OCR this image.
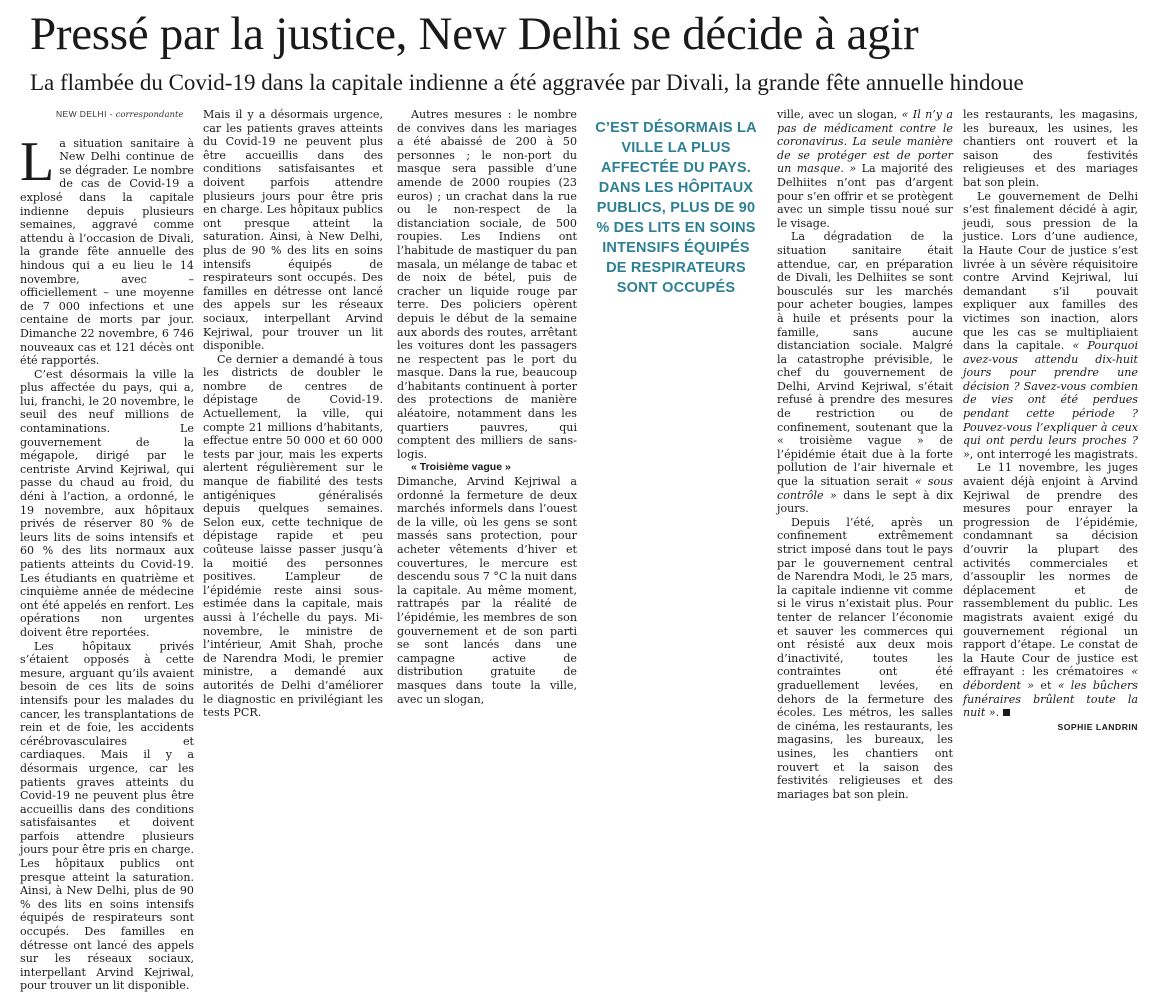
Pressé par la justice, New Delhi se décide à agir
La flambée du Covid-19 dans la capitale indienne a été aggravée par Divali, la grande fête annuelle hindoue
NEW DELHI - correspondante

La situation sanitaire à New Delhi continue de se dégrader. Le nombre de cas de Covid-19 a explosé dans la capitale indienne depuis plusieurs semaines, aggravé comme attendu à l’occasion de Divali, la grande fête annuelle des hindous qui a eu lieu le 14 novembre, avec – officiellement – une moyenne de 7 000 infections et une centaine de morts par jour. Dimanche 22 novembre, 6 746 nouveaux cas et 121 décès ont été rapportés.

C’est désormais la ville la plus affectée du pays, qui a, lui, franchi, le 20 novembre, le seuil des neuf millions de contaminations. Le gouvernement de la mégapole, dirigé par le centriste Arvind Kejriwal, qui passe du chaud au froid, du déni à l’action, a ordonné, le 19 novembre, aux hôpitaux privés de réserver 80 % de leurs lits de soins intensifs et 60 % des lits normaux aux patients atteints du Covid-19. Les étudiants en quatrième et cinquième année de médecine ont été appelés en renfort. Les opérations non urgentes doivent être reportées.

Les hôpitaux privés s’étaient opposés à cette mesure, arguant qu’ils avaient besoin de ces lits de soins intensifs pour les malades du cancer, les transplantations de rein et de foie, les accidents cérébrovasculaires et cardiaques. Mais il y a désormais urgence, car les patients graves atteints du Covid-19 ne peuvent plus être accueillis dans des conditions satisfaisantes et doivent parfois attendre plusieurs jours pour être pris en charge. Les hôpitaux publics ont presque atteint la saturation. Ainsi, à New Delhi, plus de 90 % des lits en soins intensifs équipés de respirateurs sont occupés. Des familles en détresse ont lancé des appels sur les réseaux sociaux, interpellant Arvind Kejriwal, pour trouver un lit disponible.

Mais il y a désormais urgence, car les patients graves atteints du Covid-19 ne peuvent plus être accueillis dans des conditions satisfaisantes et doivent parfois attendre plusieurs jours pour être pris en charge. Les hôpitaux publics ont presque atteint la saturation. Ainsi, à New Delhi, plus de 90 % des lits en soins intensifs équipés de respirateurs sont occupés. Des familles en détresse ont lancé des appels sur les réseaux sociaux, interpellant Arvind Kejriwal, pour trouver un lit disponible.

Ce dernier a demandé à tous les districts de doubler le nombre de centres de dépistage de Covid-19. Actuellement, la ville, qui compte 21 millions d’habitants, effectue entre 50 000 et 60 000 tests par jour, mais les experts alertent régulièrement sur le manque de fiabilité des tests antigéniques généralisés depuis quelques semaines. Selon eux, cette technique de dépistage rapide et peu coûteuse laisse passer jusqu’à la moitié des personnes positives. L’ampleur de l’épidémie reste ainsi sous-estimée dans la capitale, mais aussi à l’échelle du pays. Mi-novembre, le ministre de l’intérieur, Amit Shah, proche de Narendra Modi, le premier ministre, a demandé aux autorités de Delhi d’améliorer le diagnostic en privilégiant les tests PCR.

Autres mesures : le nombre de convives dans les mariages a été abaissé de 200 à 50 personnes ; le non-port du masque sera passible d’une amende de 2000 roupies (23 euros) ; un crachat dans la rue ou le non-respect de la distanciation sociale, de 500 roupies. Les Indiens ont l’habitude de mastiquer du pan masala, un mélange de tabac et de noix de bétel, puis de cracher un liquide rouge par terre. Des policiers opèrent depuis le début de la semaine aux abords des routes, arrêtant les voitures dont les passagers ne respectent pas le port du masque. Dans la rue, beaucoup d’habitants continuent à porter des protections de manière aléatoire, notamment dans les quartiers pauvres, qui comptent des milliers de sans-logis.

« Troisième vague »

Dimanche, Arvind Kejriwal a ordonné la fermeture de deux marchés informels dans l’ouest de la ville, où les gens se sont massés sans protection, pour acheter vêtements d’hiver et couvertures, le mercure est descendu sous 7 °C la nuit dans la capitale. Au même moment, rattrapés par la réalité de l’épidémie, les membres de son gouvernement et de son parti se sont lancés dans une campagne active de distribution gratuite de masques dans toute la ville, avec un slogan,

C’EST DÉSORMAIS LA VILLE LA PLUS AFFECTÉE DU PAYS. DANS LES HÔPITAUX PUBLICS, PLUS DE 90 % DES LITS EN SOINS INTENSIFS ÉQUIPÉS DE RESPIRATEURS SONT OCCUPÉS

ville, avec un slogan, « Il n’y a pas de médicament contre le coronavirus. La seule manière de se protéger est de porter un masque. » La majorité des Delhiites n’ont pas d’argent pour s’en offrir et se protègent avec un simple tissu noué sur le visage.

La dégradation de la situation sanitaire était attendue, car, en préparation de Divali, les Delhiites se sont bousculés sur les marchés pour acheter bougies, lampes à huile et présents pour la famille, sans aucune distanciation sociale. Malgré la catastrophe prévisible, le chef du gouvernement de Delhi, Arvind Kejriwal, s’était refusé à prendre des mesures de restriction ou de confinement, soutenant que la « troisième vague » de l’épidémie était due à la forte pollution de l’air hivernale et que la situation serait « sous contrôle » dans le sept à dix jours.

Depuis l’été, après un confinement extrêmement strict imposé dans tout le pays par le gouvernement central de Narendra Modi, le 25 mars, la capitale indienne vit comme si le virus n’existait plus. Pour tenter de relancer l’économie et sauver les commerces qui ont résisté aux deux mois d’inactivité, toutes les contraintes ont été graduellement levées, en dehors de la fermeture des écoles. Les métros, les salles de cinéma, les restaurants, les magasins, les bureaux, les usines, les chantiers ont rouvert et la saison des festivités religieuses et des mariages bat son plein.

les restaurants, les magasins, les bureaux, les usines, les chantiers ont rouvert et la saison des festivités religieuses et des mariages bat son plein.

Le gouvernement de Delhi s’est finalement décidé à agir, jeudi, sous pression de la justice. Lors d’une audience, la Haute Cour de justice s’est livrée à un sévère réquisitoire contre Arvind Kejriwal, lui demandant s’il pouvait expliquer aux familles des victimes son inaction, alors que les cas se multipliaient dans la capitale. « Pourquoi avez-vous attendu dix-huit jours pour prendre une décision ? Savez-vous combien de vies ont été perdues pendant cette période ? Pouvez-vous l’expliquer à ceux qui ont perdu leurs proches ? », ont interrogé les magistrats.

Le 11 novembre, les juges avaient déjà enjoint à Arvind Kejriwal de prendre des mesures pour enrayer la progression de l’épidémie, condamnant sa décision d’ouvrir la plupart des activités commerciales et d’assouplir les normes de déplacement et de rassemblement du public. Les magistrats avaient exigé du gouvernement régional un rapport d’étape. Le constat de la Haute Cour de justice est effrayant : les crématoires « débordent » et « les bûchers funéraires brûlent toute la nuit ».

SOPHIE LANDRIN
